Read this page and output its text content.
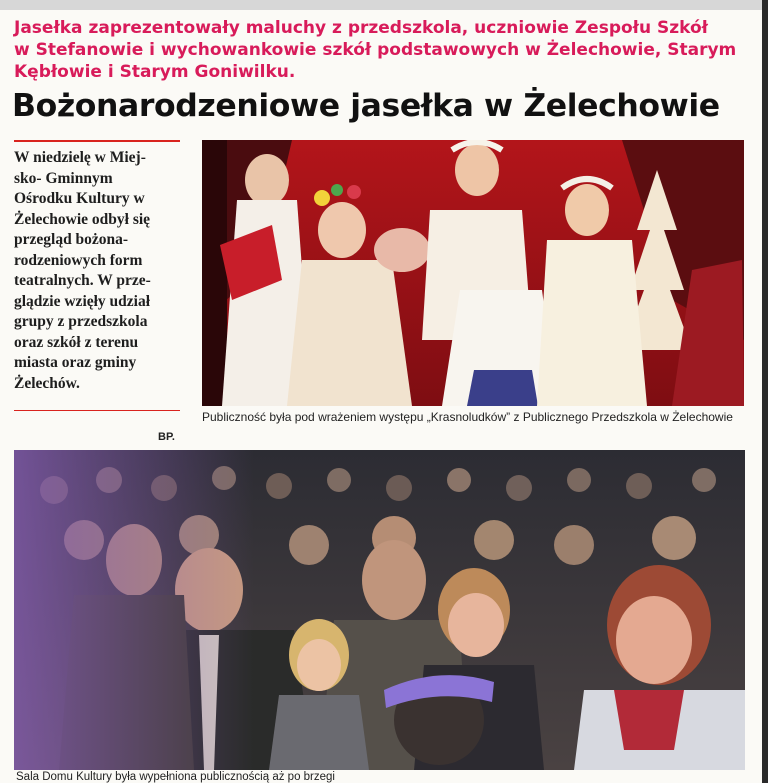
Jasełka zaprezentowały maluchy z przedszkola, uczniowie Zespołu Szkół
w Stefanowie i wychowankowie szkół podstawowych w Żelechowie, Starym
Kębłowie i Starym Goniwilku.
Bożonarodzeniowe jasełka w Żelechowie

W niedzielę w Miej-

sko- Gminnym

Ośrodku Kultury w

Żelechowie odbył się

przegląd bożona-

rodzeniowych form

teatralnych. W prze-

glądzie wzięły udział

grupy z przedszkola

oraz szkół z terenu

miasta oraz gminy

Żelechów.

BP.
Publiczność była pod wrażeniem występu „Krasnoludków” z Publicznego Przedszkola w Żelechowie
Sala Domu Kultury była wypełniona publicznością aż po brzegi
